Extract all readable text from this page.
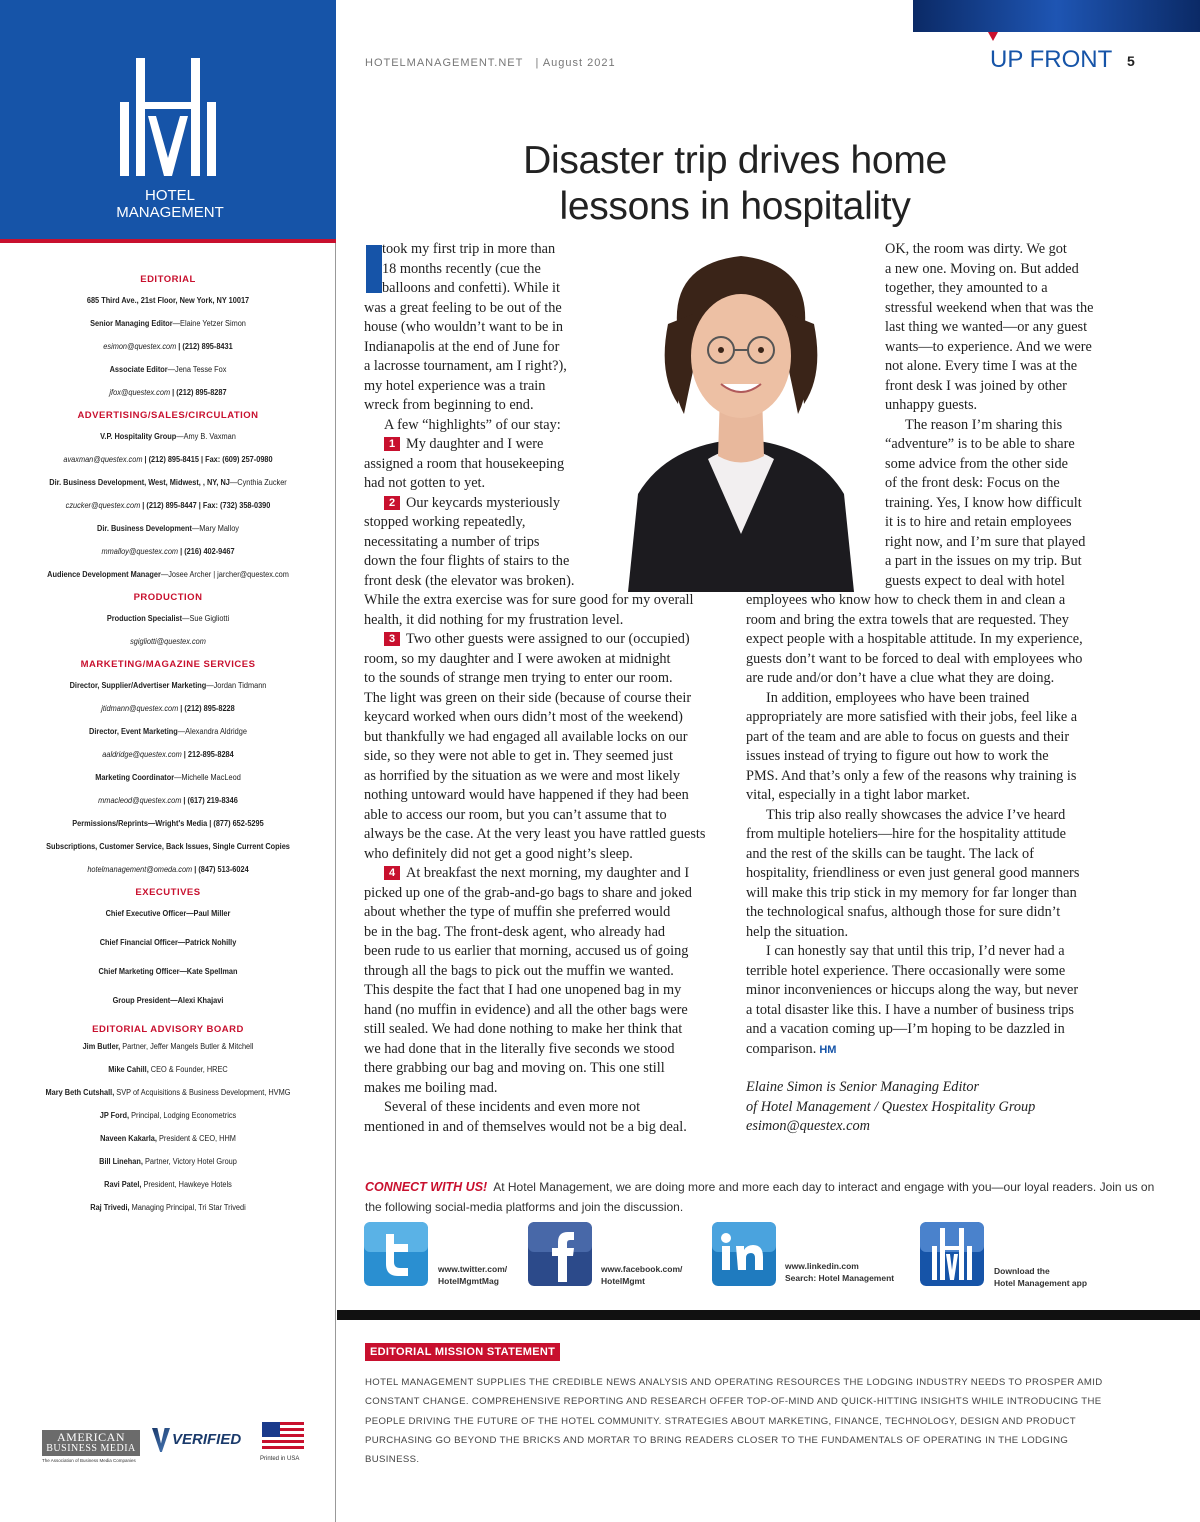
HOTEL
MANAGEMENT
EDITORIAL
685 Third Ave., 21st Floor, New York, NY 10017
Senior Managing Editor—Elaine Yetzer Simon
esimon@questex.com | (212) 895-8431
Associate Editor—Jena Tesse Fox
jfox@questex.com | (212) 895-8287
ADVERTISING/SALES/CIRCULATION
V.P. Hospitality Group—Amy B. Vaxman
avaxman@questex.com | (212) 895-8415 | Fax: (609) 257-0980
Dir. Business Development, West, Midwest, , NY, NJ—Cynthia Zucker
czucker@questex.com | (212) 895-8447 | Fax: (732) 358-0390
Dir. Business Development—Mary Malloy
mmalloy@questex.com | (216) 402-9467
Audience Development Manager—Josee Archer | jarcher@questex.com
PRODUCTION
Production Specialist—Sue Gigliotti
sgigliotti@questex.com
MARKETING/MAGAZINE SERVICES
Director, Supplier/Advertiser Marketing—Jordan Tidmann
jtidmann@questex.com | (212) 895-8228
Director, Event Marketing—Alexandra Aldridge
aaldridge@questex.com | 212-895-8284
Marketing Coordinator—Michelle MacLeod
mmacleod@questex.com | (617) 219-8346
Permissions/Reprints—Wright's Media | (877) 652-5295
Subscriptions, Customer Service, Back Issues, Single Current Copies
hotelmanagement@omeda.com | (847) 513-6024
EXECUTIVES
Chief Executive Officer—Paul Miller
Chief Financial Officer—Patrick Nohilly
Chief Marketing Officer—Kate Spellman
Group President—Alexi Khajavi
EDITORIAL ADVISORY BOARD
Jim Butler, Partner, Jeffer Mangels Butler & Mitchell
Mike Cahill, CEO & Founder, HREC
Mary Beth Cutshall, SVP of Acquisitions & Business Development, HVMG
JP Ford, Principal, Lodging Econometrics
Naveen Kakarla, President & CEO, HHM
Bill Linehan, Partner, Victory Hotel Group
Ravi Patel, President, Hawkeye Hotels
Raj Trivedi, Managing Principal, Tri Star Trivedi
AMERICAN
BUSINESS MEDIA
The Association of Business Media Companies
VERIFIED
Printed in USA
HOTELMANAGEMENT.NET | August 2021	UP FRONT 5
Disaster trip drives home
lessons in hospitality
took my first trip in more than
18 months recently (cue the
balloons and confetti). While it
was a great feeling to be out of the
house (who wouldn’t want to be in
Indianapolis at the end of June for
a lacrosse tournament, am I right?),
my hotel experience was a train
wreck from beginning to end.
A few “highlights” of our stay:
1 My daughter and I were
assigned a room that housekeeping
had not gotten to yet.
2 Our keycards mysteriously
stopped working repeatedly,
necessitating a number of trips
down the four flights of stairs to the
front desk (the elevator was broken).
While the extra exercise was for sure good for my overall
health, it did nothing for my frustration level.
3 Two other guests were assigned to our (occupied)
room, so my daughter and I were awoken at midnight
to the sounds of strange men trying to enter our room.
The light was green on their side (because of course their
keycard worked when ours didn’t most of the weekend)
but thankfully we had engaged all available locks on our
side, so they were not able to get in. They seemed just
as horrified by the situation as we were and most likely
nothing untoward would have happened if they had been
able to access our room, but you can’t assume that to
always be the case. At the very least you have rattled guests
who definitely did not get a good night’s sleep.
4 At breakfast the next morning, my daughter and I
picked up one of the grab-and-go bags to share and joked
about whether the type of muffin she preferred would
be in the bag. The front-desk agent, who already had
been rude to us earlier that morning, accused us of going
through all the bags to pick out the muffin we wanted.
This despite the fact that I had one unopened bag in my
hand (no muffin in evidence) and all the other bags were
still sealed. We had done nothing to make her think that
we had done that in the literally five seconds we stood
there grabbing our bag and moving on. This one still
makes me boiling mad.
Several of these incidents and even more not
mentioned in and of themselves would not be a big deal.
OK, the room was dirty. We got
a new one. Moving on. But added
together, they amounted to a
stressful weekend when that was the
last thing we wanted—or any guest
wants—to experience. And we were
not alone. Every time I was at the
front desk I was joined by other
unhappy guests.
The reason I’m sharing this
“adventure” is to be able to share
some advice from the other side
of the front desk: Focus on the
training. Yes, I know how difficult
it is to hire and retain employees
right now, and I’m sure that played
a part in the issues on my trip. But
guests expect to deal with hotel
employees who know how to check them in and clean a
room and bring the extra towels that are requested. They
expect people with a hospitable attitude. In my experience,
guests don’t want to be forced to deal with employees who
are rude and/or don’t have a clue what they are doing.
In addition, employees who have been trained
appropriately are more satisfied with their jobs, feel like a
part of the team and are able to focus on guests and their
issues instead of trying to figure out how to work the
PMS. And that’s only a few of the reasons why training is
vital, especially in a tight labor market.
This trip also really showcases the advice I’ve heard
from multiple hoteliers—hire for the hospitality attitude
and the rest of the skills can be taught. The lack of
hospitality, friendliness or even just general good manners
will make this trip stick in my memory for far longer than
the technological snafus, although those for sure didn’t
help the situation.
I can honestly say that until this trip, I’d never had a
terrible hotel experience. There occasionally were some
minor inconveniences or hiccups along the way, but never
a total disaster like this. I have a number of business trips
and a vacation coming up—I’m hoping to be dazzled in
comparison. HM
Elaine Simon is Senior Managing Editor
of Hotel Management / Questex Hospitality Group
esimon@questex.com
CONNECT WITH US! At Hotel Management, we are doing more and more each day to interact and engage with you—our loyal readers. Join us on the following social-media platforms and join the discussion.
www.twitter.com/
HotelMgmtMag
www.facebook.com/
HotelMgmt
www.linkedin.com
Search: Hotel Management
Download the
Hotel Management app
EDITORIAL MISSION STATEMENT
HOTEL MANAGEMENT SUPPLIES THE CREDIBLE NEWS ANALYSIS AND OPERATING RESOURCES THE LODGING INDUSTRY NEEDS TO PROSPER AMID CONSTANT CHANGE. COMPREHENSIVE REPORTING AND RESEARCH OFFER TOP-OF-MIND AND QUICK-HITTING INSIGHTS WHILE INTRODUCING THE PEOPLE DRIVING THE FUTURE OF THE HOTEL COMMUNITY. STRATEGIES ABOUT MARKETING, FINANCE, TECHNOLOGY, DESIGN AND PRODUCT PURCHASING GO BEYOND THE BRICKS AND MORTAR TO BRING READERS CLOSER TO THE FUNDAMENTALS OF OPERATING IN THE LODGING BUSINESS.
